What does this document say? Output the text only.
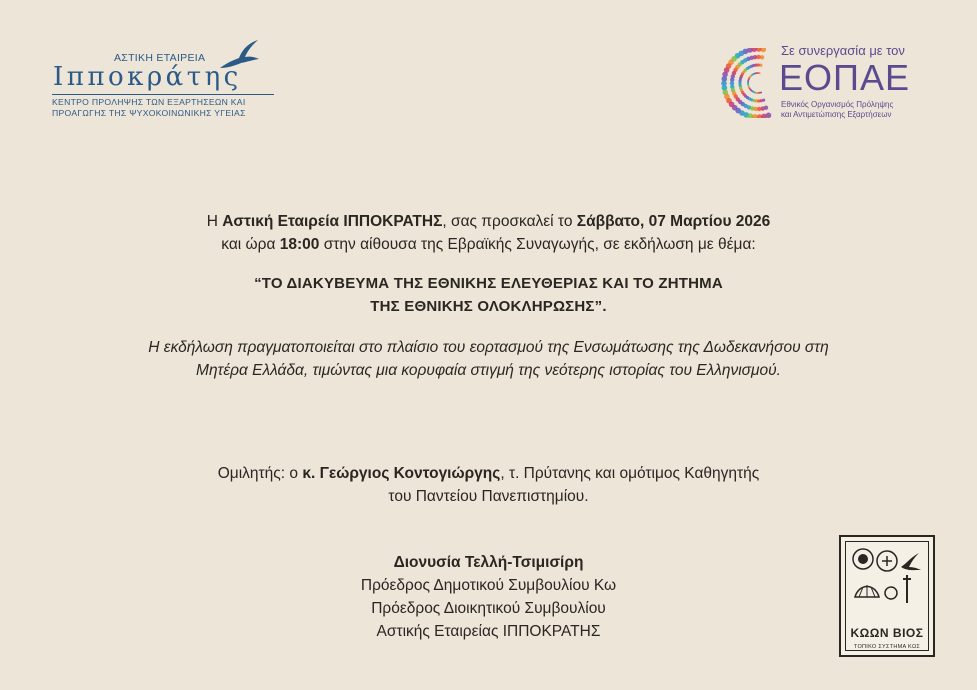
ΑΣΤΙΚΗ ΕΤΑΙΡΕΙΑ
Ιπποκράτης
ΚΕΝΤΡΟ ΠΡΟΛΗΨΗΣ ΤΩΝ ΕΞΑΡΤΗΣΕΩΝ ΚΑΙ
ΠΡΟΑΓΩΓΗΣ ΤΗΣ ΨΥΧΟΚΟΙΝΩΝΙΚΗΣ ΥΓΕΙΑΣ
Σε συνεργασία με τον
ΕΟΠΑΕ
Εθνικός Οργανισμός Πρόληψης
και Αντιμετώπισης Εξαρτήσεων
Η Αστική Εταιρεία ΙΠΠΟΚΡΑΤΗΣ, σας προσκαλεί το Σάββατο, 07 Μαρτίου 2026
και ώρα 18:00 στην αίθουσα της Εβραϊκής Συναγωγής, σε εκδήλωση με θέμα:
“ΤΟ ΔΙΑΚΥΒΕΥΜΑ ΤΗΣ ΕΘΝΙΚΗΣ ΕΛΕΥΘΕΡΙΑΣ ΚΑΙ ΤΟ ΖΗΤΗΜΑ
ΤΗΣ ΕΘΝΙΚΗΣ ΟΛΟΚΛΗΡΩΣΗΣ”.
Η εκδήλωση πραγματοποιείται στο πλαίσιο του εορτασμού της Ενσωμάτωσης της Δωδεκανήσου στη
Μητέρα Ελλάδα, τιμώντας μια κορυφαία στιγμή της νεότερης ιστορίας του Ελληνισμού.
Ομιλητής: ο κ. Γεώργιος Κοντογιώργης, τ. Πρύτανης και ομότιμος Καθηγητής
του Παντείου Πανεπιστημίου.
Διονυσία Τελλή-Τσιμισίρη
Πρόεδρος Δημοτικού Συμβουλίου Κω
Πρόεδρος Διοικητικού Συμβουλίου
Αστικής Εταιρείας ΙΠΠΟΚΡΑΤΗΣ	ΚΩΩΝ ΒΙΟΣ
ΤΟΠΙΚΟ ΣΥΣΤΗΜΑ ΚΩΣ
